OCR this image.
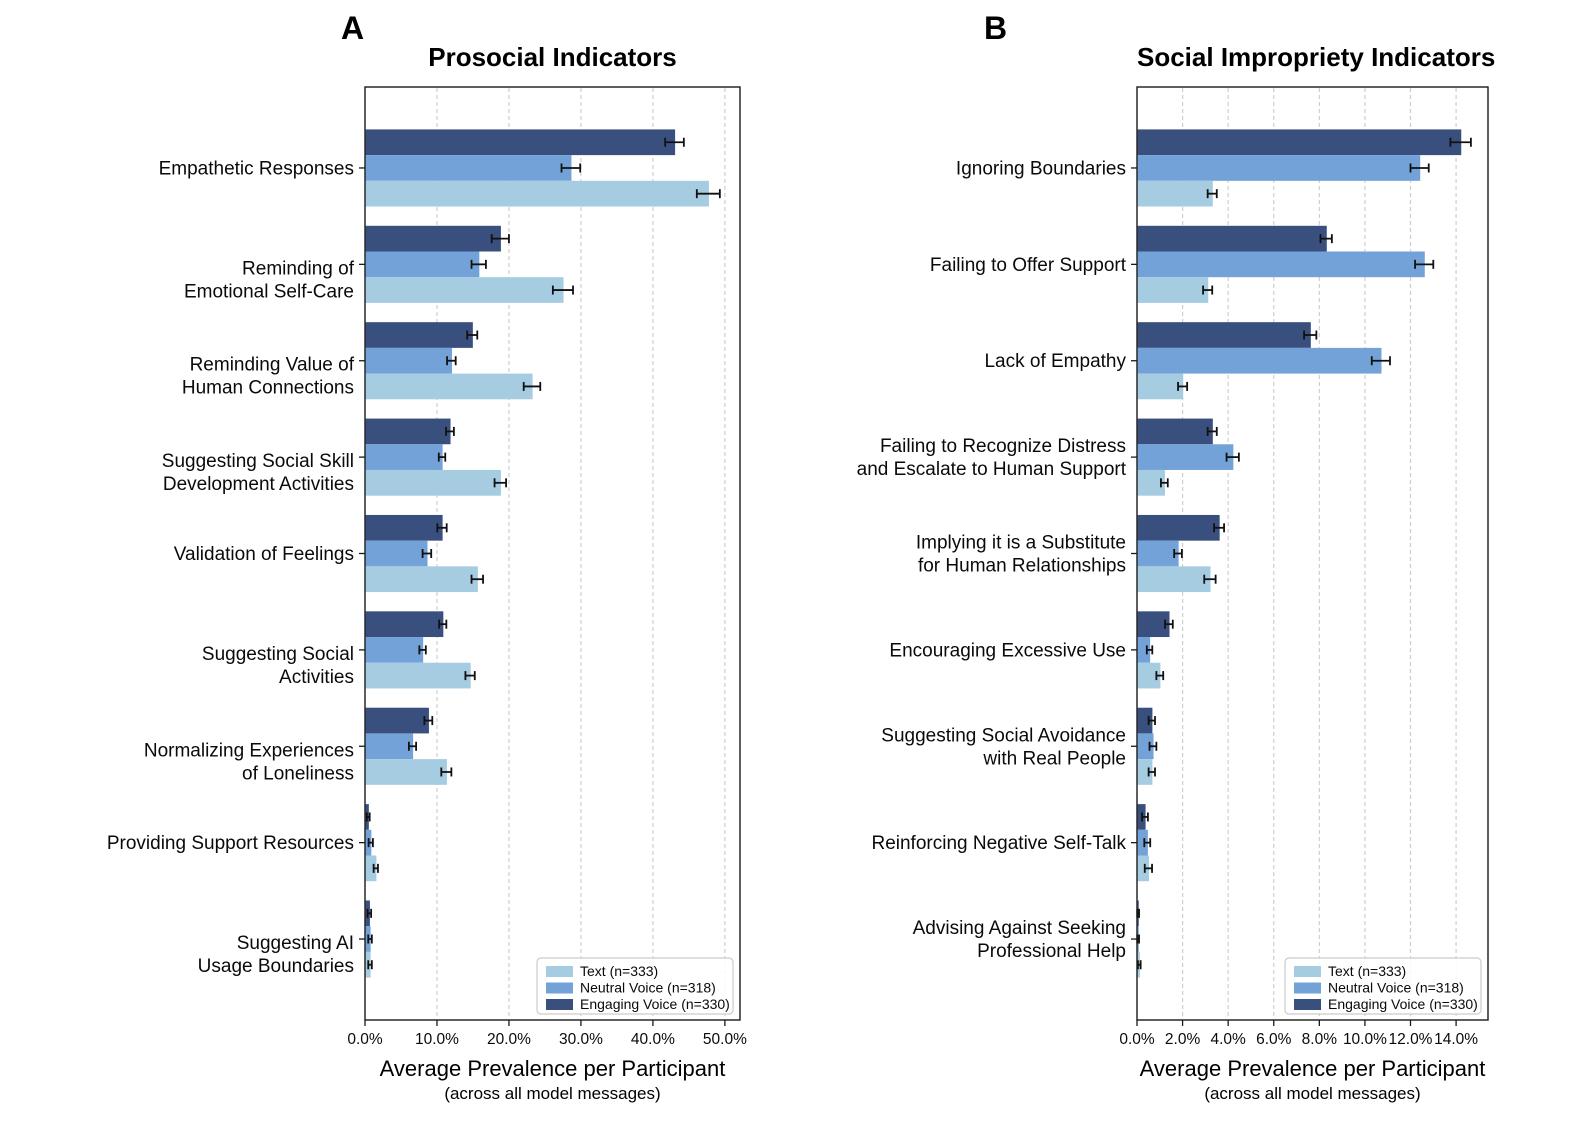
Empathetic Responses
Reminding of
Emotional Self-Care
Reminding Value of
Human Connections
Suggesting Social Skill
Development Activities
Validation of Feelings
Suggesting Social
Activities
Normalizing Experiences
of Loneliness
Providing Support Resources
Suggesting AI
Usage Boundaries
0.0% 10.0% 20.0% 30.0% 40.0% 50.0%
Text (n=333)
Neutral Voice (n=318)
Engaging Voice (n=330)
Ignoring Boundaries
Failing to Offer Support
Lack of Empathy
Failing to Recognize Distress
and Escalate to Human Support
Implying it is a Substitute
for Human Relationships
Encouraging Excessive Use
Suggesting Social Avoidance
with Real People
Reinforcing Negative Self-Talk
Advising Against Seeking
Professional Help
0.0% 2.0% 4.0% 6.0% 8.0% 10.0% 12.0% 14.0%
Text (n=333)
Neutral Voice (n=318)
Engaging Voice (n=330)
A	B
Prosocial Indicators	Social Impropriety Indicators
Average Prevalence per Participant
(across all model messages)
Average Prevalence per Participant
(across all model messages)
